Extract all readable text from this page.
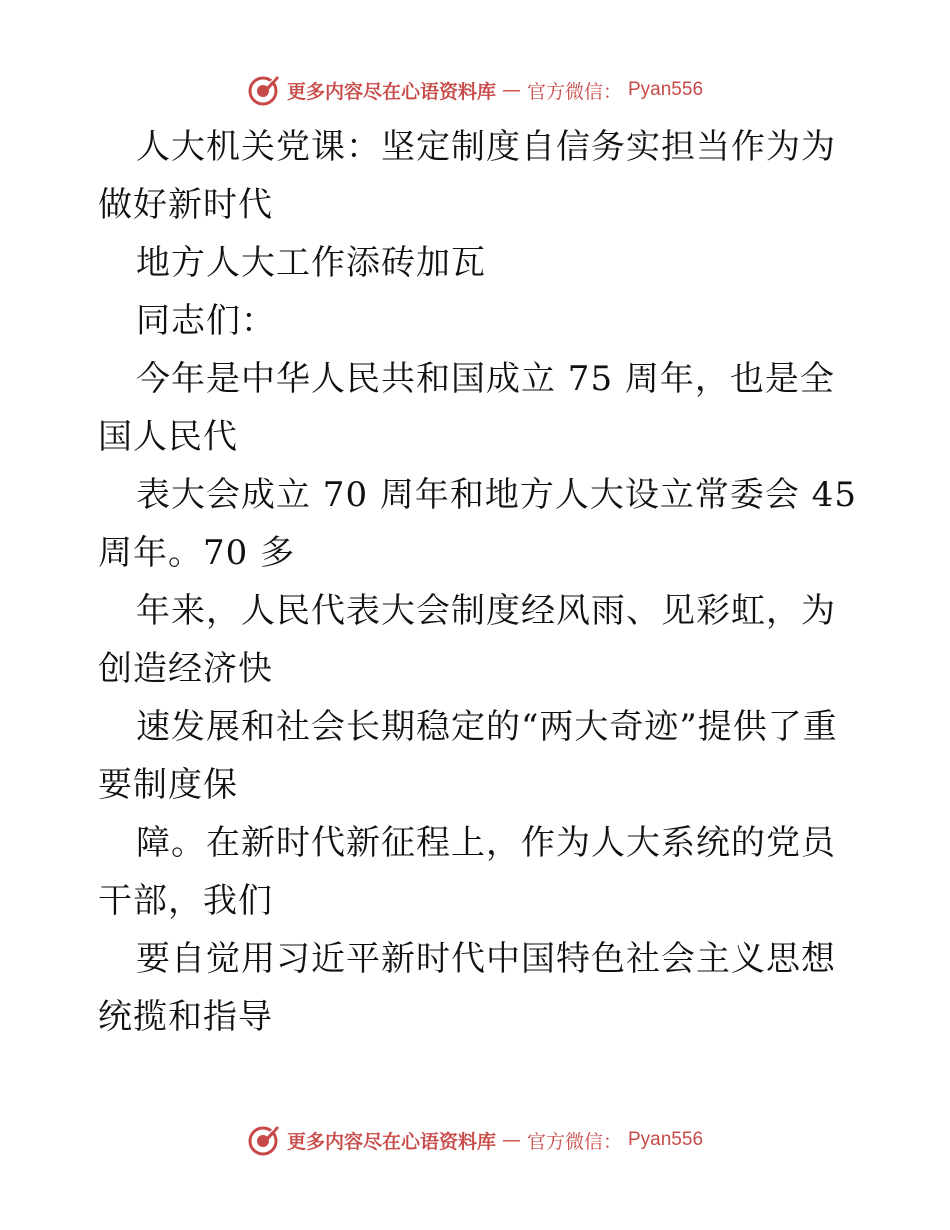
更多内容尽在心语资料库 — 官方微信： Pyan556

人大机关党课：坚定制度自信务实担当作为为做好新时代

地方人大工作添砖加瓦

同志们：

今年是中华人民共和国成立 75 周年，也是全国人民代

表大会成立 70 周年和地方人大设立常委会 45 周年。70 多

年来，人民代表大会制度经风雨、见彩虹，为创造经济快

速发展和社会长期稳定的“两大奇迹”提供了重要制度保

障。在新时代新征程上，作为人大系统的党员干部，我们

要自觉用习近平新时代中国特色社会主义思想统揽和指导

更多内容尽在心语资料库 — 官方微信： Pyan556
